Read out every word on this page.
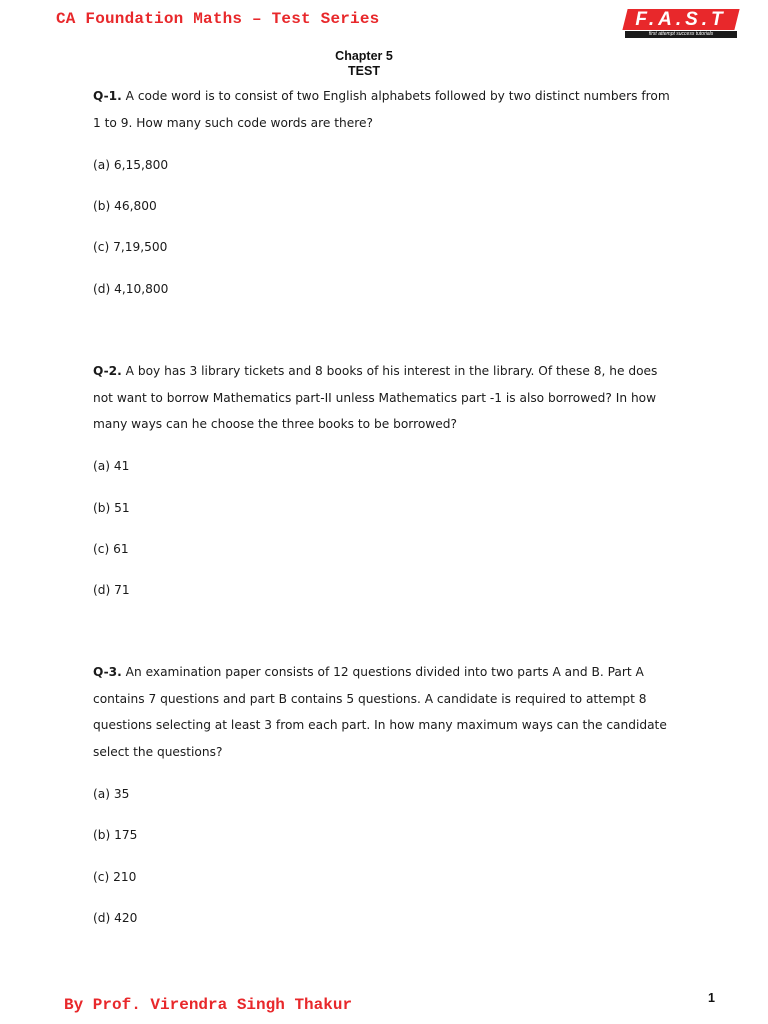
CA Foundation Maths – Test Series	F.A.S.T
first attempt success tutorials
Chapter 5
TEST
Q-1. A code word is to consist of two English alphabets followed by two distinct numbers from 1 to 9. How many such code words are there?
(a) 6,15,800
(b) 46,800
(c) 7,19,500
(d) 4,10,800
Q-2. A boy has 3 library tickets and 8 books of his interest in the library. Of these 8, he does not want to borrow Mathematics part-II unless Mathematics part -1 is also borrowed? In how many ways can he choose the three books to be borrowed?
(a) 41
(b) 51
(c) 61
(d) 71
Q-3. An examination paper consists of 12 questions divided into two parts A and B. Part A contains 7 questions and part B contains 5 questions. A candidate is required to attempt 8 questions selecting at least 3 from each part. In how many maximum ways can the candidate select the questions?
(a) 35
(b) 175
(c) 210
(d) 420
By Prof. Virendra Singh Thakur	1
